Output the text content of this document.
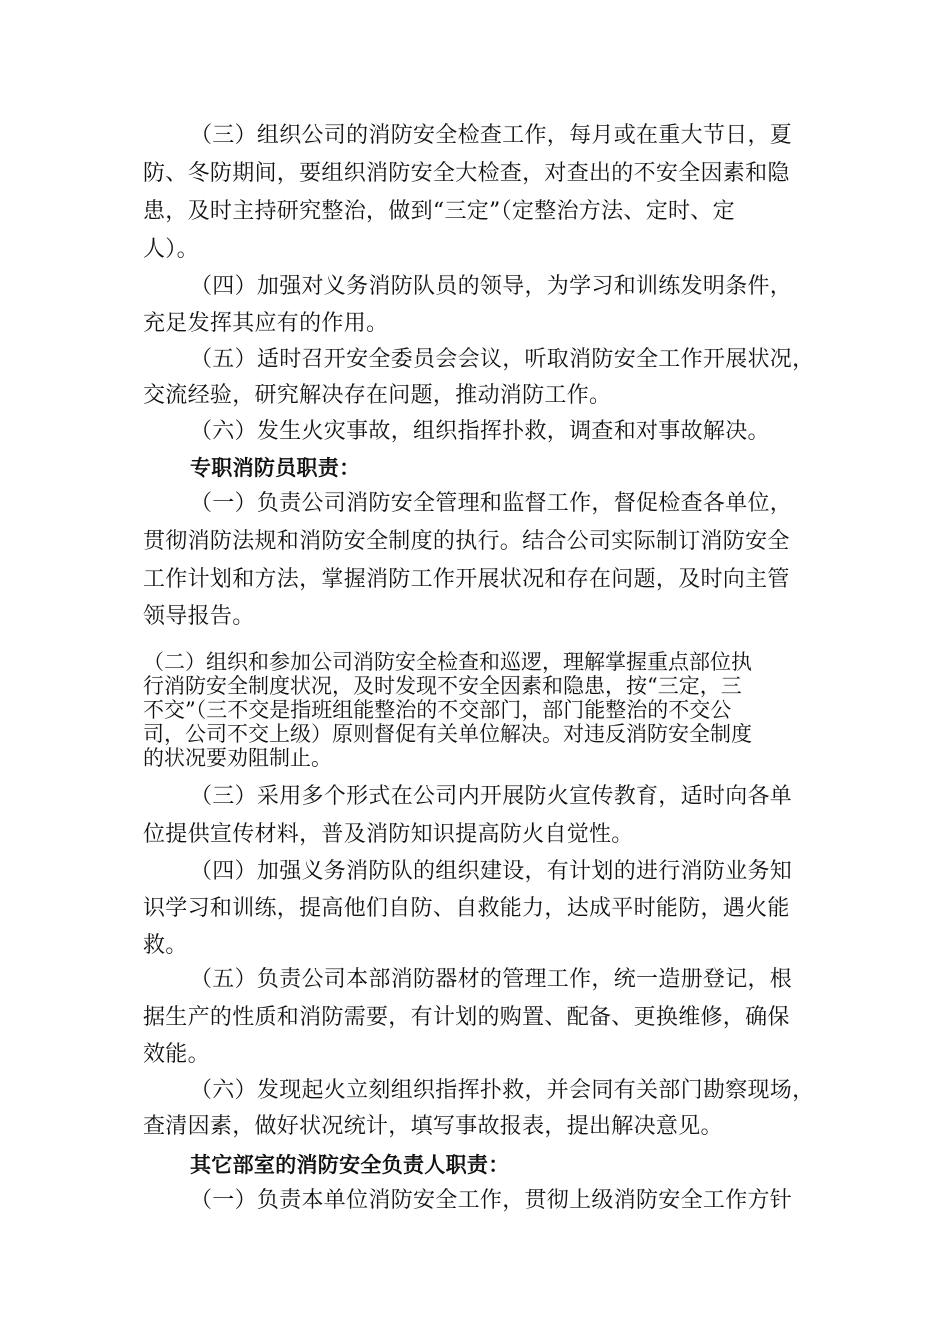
（三）组织公司的消防安全检查工作，每月或在重大节日，夏
防、冬防期间，要组织消防安全大检查，对查出的不安全因素和隐
患，及时主持研究整治，做到“三定”（定整治方法、定时、定
人）。
（四）加强对义务消防队员的领导，为学习和训练发明条件，
充足发挥其应有的作用。
（五）适时召开安全委员会会议，听取消防安全工作开展状况，
交流经验，研究解决存在问题，推动消防工作。
（六）发生火灾事故，组织指挥扑救，调查和对事故解决。
专职消防员职责：
（一）负责公司消防安全管理和监督工作，督促检查各单位，
贯彻消防法规和消防安全制度的执行。结合公司实际制订消防安全
工作计划和方法，掌握消防工作开展状况和存在问题，及时向主管
领导报告。
（二）组织和参加公司消防安全检查和巡逻，理解掌握重点部位执
行消防安全制度状况，及时发现不安全因素和隐患，按“三定，三
不交”（三不交是指班组能整治的不交部门，部门能整治的不交公
司，公司不交上级）原则督促有关单位解决。对违反消防安全制度
的状况要劝阻制止。
（三）采用多个形式在公司内开展防火宣传教育，适时向各单
位提供宣传材料，普及消防知识提高防火自觉性。
（四）加强义务消防队的组织建设，有计划的进行消防业务知
识学习和训练，提高他们自防、自救能力，达成平时能防，遇火能
救。
（五）负责公司本部消防器材的管理工作，统一造册登记，根
据生产的性质和消防需要，有计划的购置、配备、更换维修，确保
效能。
（六）发现起火立刻组织指挥扑救，并会同有关部门勘察现场，
查清因素，做好状况统计，填写事故报表，提出解决意见。
其它部室的消防安全负责人职责：
（一）负责本单位消防安全工作，贯彻上级消防安全工作方针
